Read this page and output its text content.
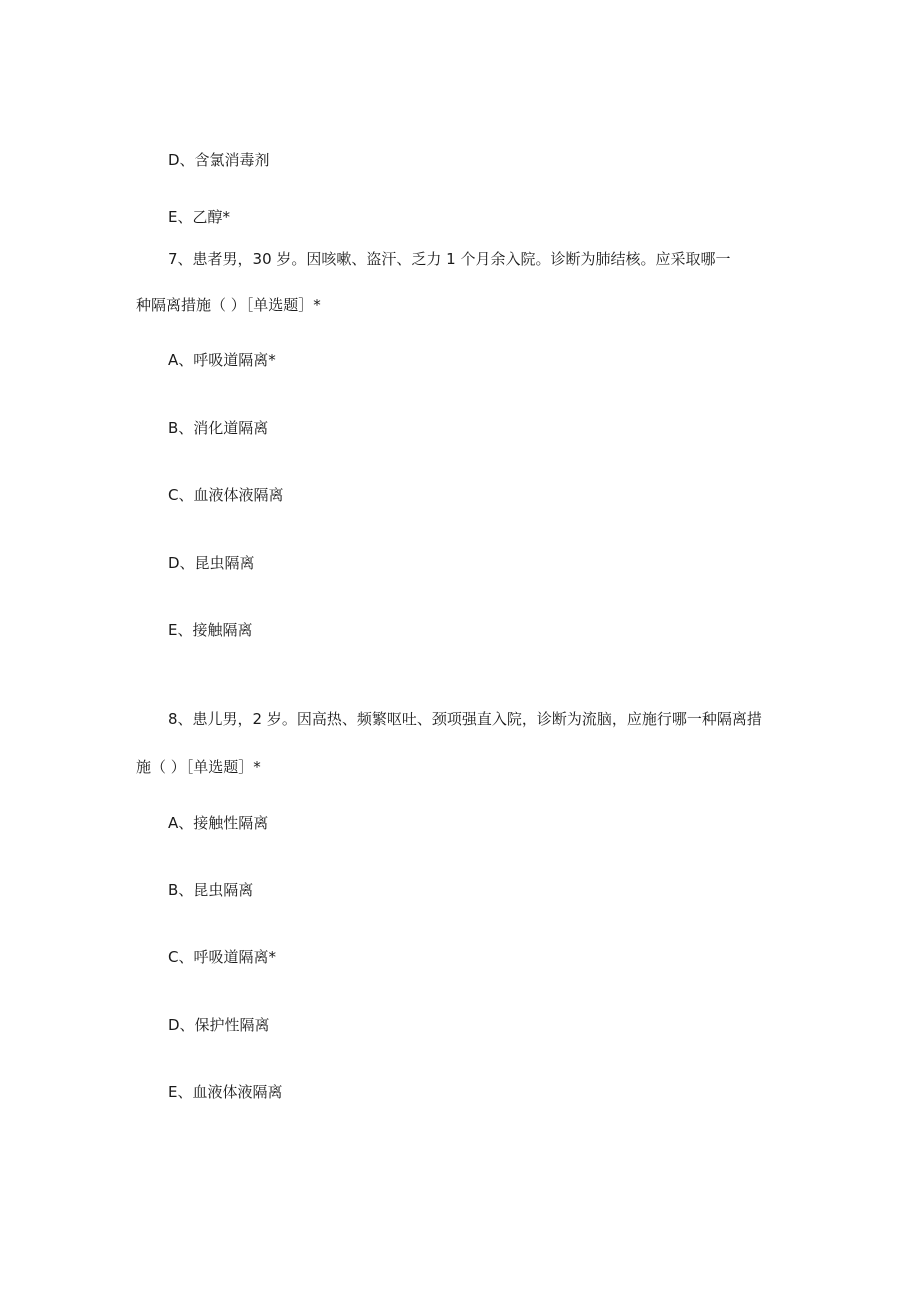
D、含氯消毒剂

E、乙醇*

7、患者男，30 岁。因咳嗽、盗汗、乏力 1 个月余入院。诊断为肺结核。应采取哪一

种隔离措施（ ）［单选题］*

A、呼吸道隔离*

B、消化道隔离

C、血液体液隔离

D、昆虫隔离

E、接触隔离

8、患儿男，2 岁。因高热、频繁呕吐、颈项强直入院，诊断为流脑，应施行哪一种隔离措

施（ ）［单选题］*

A、接触性隔离

B、昆虫隔离

C、呼吸道隔离*

D、保护性隔离

E、血液体液隔离
